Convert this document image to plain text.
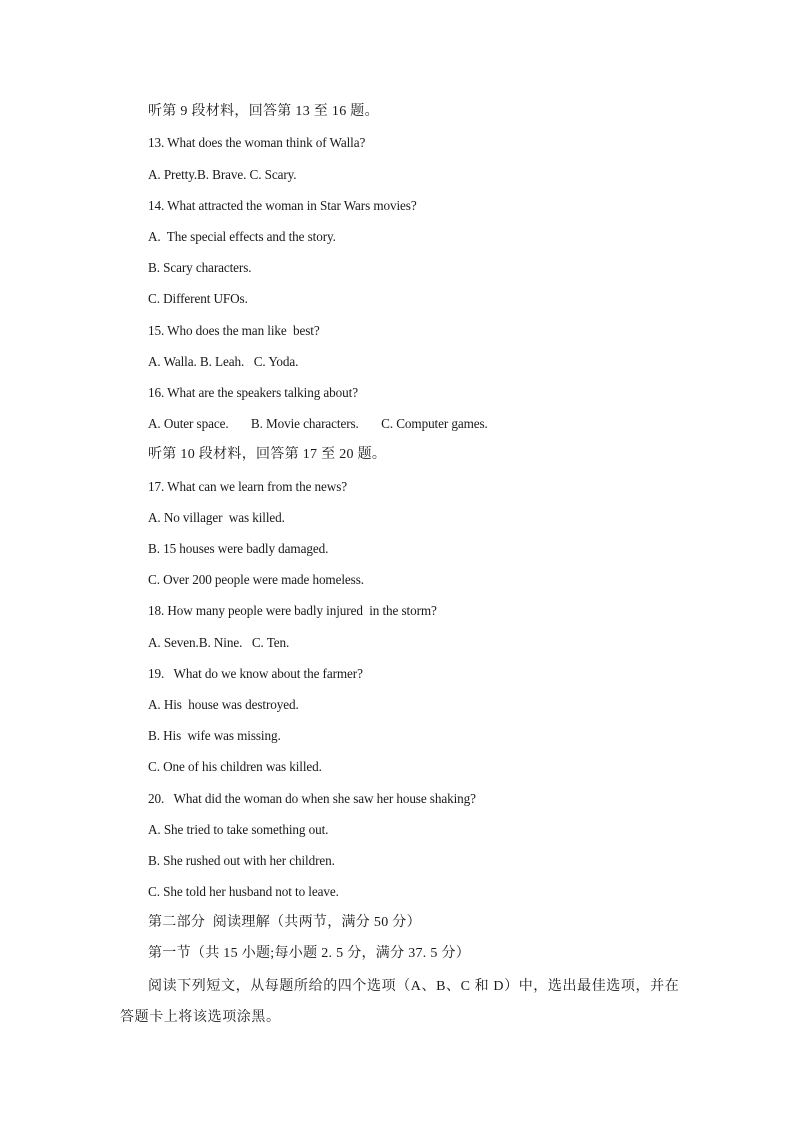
听第 9 段材料，回答第 13 至 16 题。
13. What does the woman think of Walla?
A. Pretty.B. Brave. C. Scary.
14. What attracted the woman in Star Wars movies?
A.  The special effects and the story.
B. Scary characters.
C. Different UFOs.
15. Who does the man like  best?
A. Walla. B. Leah.   C. Yoda.
16. What are the speakers talking about?
A. Outer space.       B. Movie characters.       C. Computer games.
听第 10 段材料，回答第 17 至 20 题。
17. What can we learn from the news?
A. No villager  was killed.
B. 15 houses were badly damaged.
C. Over 200 people were made homeless.
18. How many people were badly injured  in the storm?
A. Seven.B. Nine.   C. Ten.
19.   What do we know about the farmer?
A. His  house was destroyed.
B. His  wife was missing.
C. One of his children was killed.
20.   What did the woman do when she saw her house shaking?
A. She tried to take something out.
B. She rushed out with her children.
C. She told her husband not to leave.
第二部分  阅读理解（共两节，满分 50 分）
第一节（共 15 小题;每小题 2. 5 分，满分 37. 5 分）
阅读下列短文，从每题所给的四个选项（A、B、C 和 D）中，选出最佳选项，并在答题卡上将该选项涂黑。
